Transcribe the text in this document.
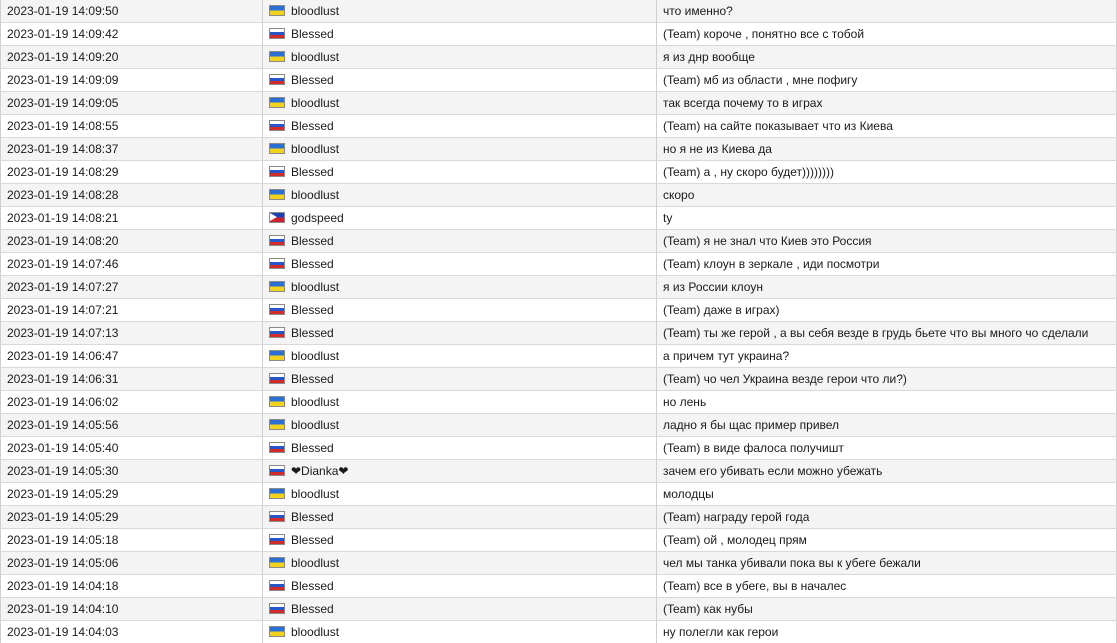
2023-01-19 14:09:50	bloodlust	что именно?
2023-01-19 14:09:42	Blessed	(Team) короче , понятно все с тобой
2023-01-19 14:09:20	bloodlust	я из днр вообще
2023-01-19 14:09:09	Blessed	(Team) мб из области , мне пофигу
2023-01-19 14:09:05	bloodlust	так всегда почему то в играх
2023-01-19 14:08:55	Blessed	(Team) на сайте показывает что из Киева
2023-01-19 14:08:37	bloodlust	но я не из Киева да
2023-01-19 14:08:29	Blessed	(Team) а , ну скоро будет))))))))
2023-01-19 14:08:28	bloodlust	скоро
2023-01-19 14:08:21	godspeed	ty
2023-01-19 14:08:20	Blessed	(Team) я не знал что Киев это Россия
2023-01-19 14:07:46	Blessed	(Team) клоун в зеркале , иди посмотри
2023-01-19 14:07:27	bloodlust	я из России клоун
2023-01-19 14:07:21	Blessed	(Team) даже в играх)
2023-01-19 14:07:13	Blessed	(Team) ты же герой , а вы себя везде в грудь бьете что вы много чо сделали
2023-01-19 14:06:47	bloodlust	а причем тут украина?
2023-01-19 14:06:31	Blessed	(Team) чо чел Украина везде герои что ли?)
2023-01-19 14:06:02	bloodlust	но лень
2023-01-19 14:05:56	bloodlust	ладно я бы щас пример привел
2023-01-19 14:05:40	Blessed	(Team) в виде фалоса получишт
2023-01-19 14:05:30	❤Dianka❤	зачем его убивать если можно убежать
2023-01-19 14:05:29	bloodlust	молодцы
2023-01-19 14:05:29	Blessed	(Team) награду герой года
2023-01-19 14:05:18	Blessed	(Team) ой , молодец прям
2023-01-19 14:05:06	bloodlust	чел мы танка убивали пока вы к убеге бежали
2023-01-19 14:04:18	Blessed	(Team) все в убеге, вы в началес
2023-01-19 14:04:10	Blessed	(Team) как нубы
2023-01-19 14:04:03	bloodlust	ну полегли как герои
